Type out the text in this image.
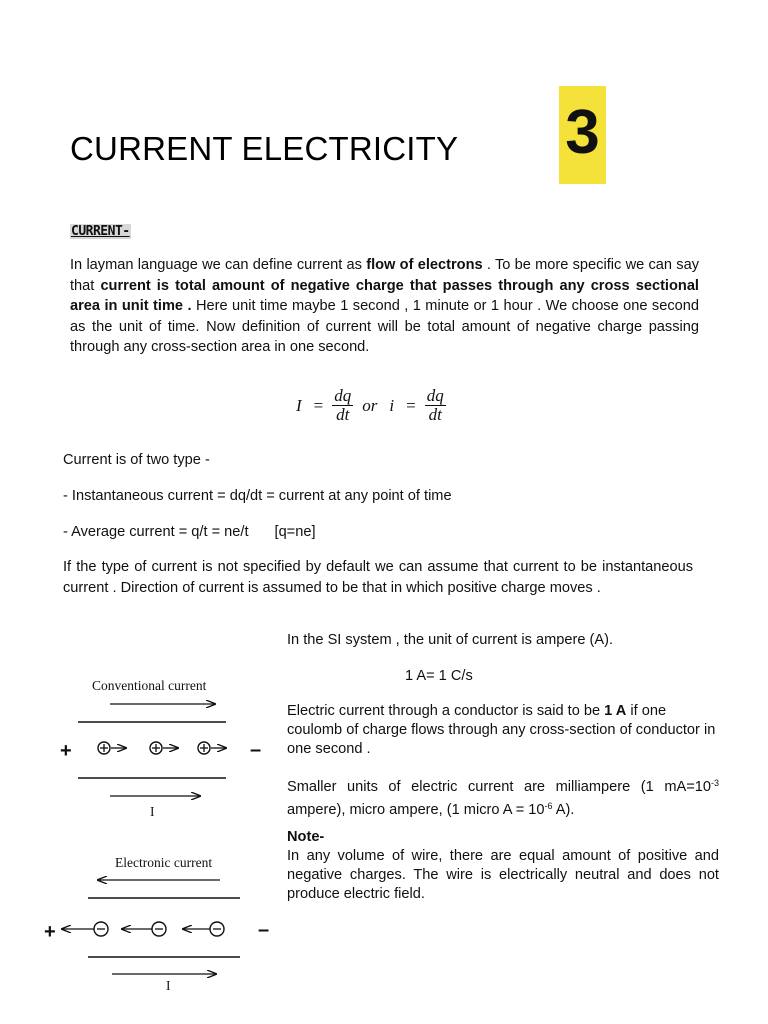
3
CURRENT ELECTRICITY
CURRENT-
In layman language we can define current as flow of electrons . To be more specific we can say that current is total amount of negative charge that passes through any cross sectional area in unit time . Here unit time maybe 1 second , 1 minute or 1 hour . We choose one second as the unit of time. Now definition of current will be total amount of negative charge passing through any cross-section area in one second.
$I = \frac{dq}{dt}$ or $i = \frac{dq}{dt}$
Current is of two type -
- Instantaneous current = dq/dt = current at any point of time
- Average current = q/t = ne/t [q=ne]
If the type of current is not specified by default we can assume that current to be instantaneous current . Direction of current is assumed to be that in which positive charge moves .
In the SI system , the unit of current is ampere (A).
1 A= 1 C/s
Electric current through a conductor is said to be 1 A if one coulomb of charge flows through any cross-section of conductor in one second .
Smaller units of electric current are milliampere (1 $mA=10^{-3}$ ampere), micro ampere, (1 micro $A = 10^{-6}$ A).
Note-
In any volume of wire, there are equal amount of positive and negative charges. The wire is electrically neutral and does not produce electric field.
Conventional current
+	–
I
Electronic current
+	–
I
